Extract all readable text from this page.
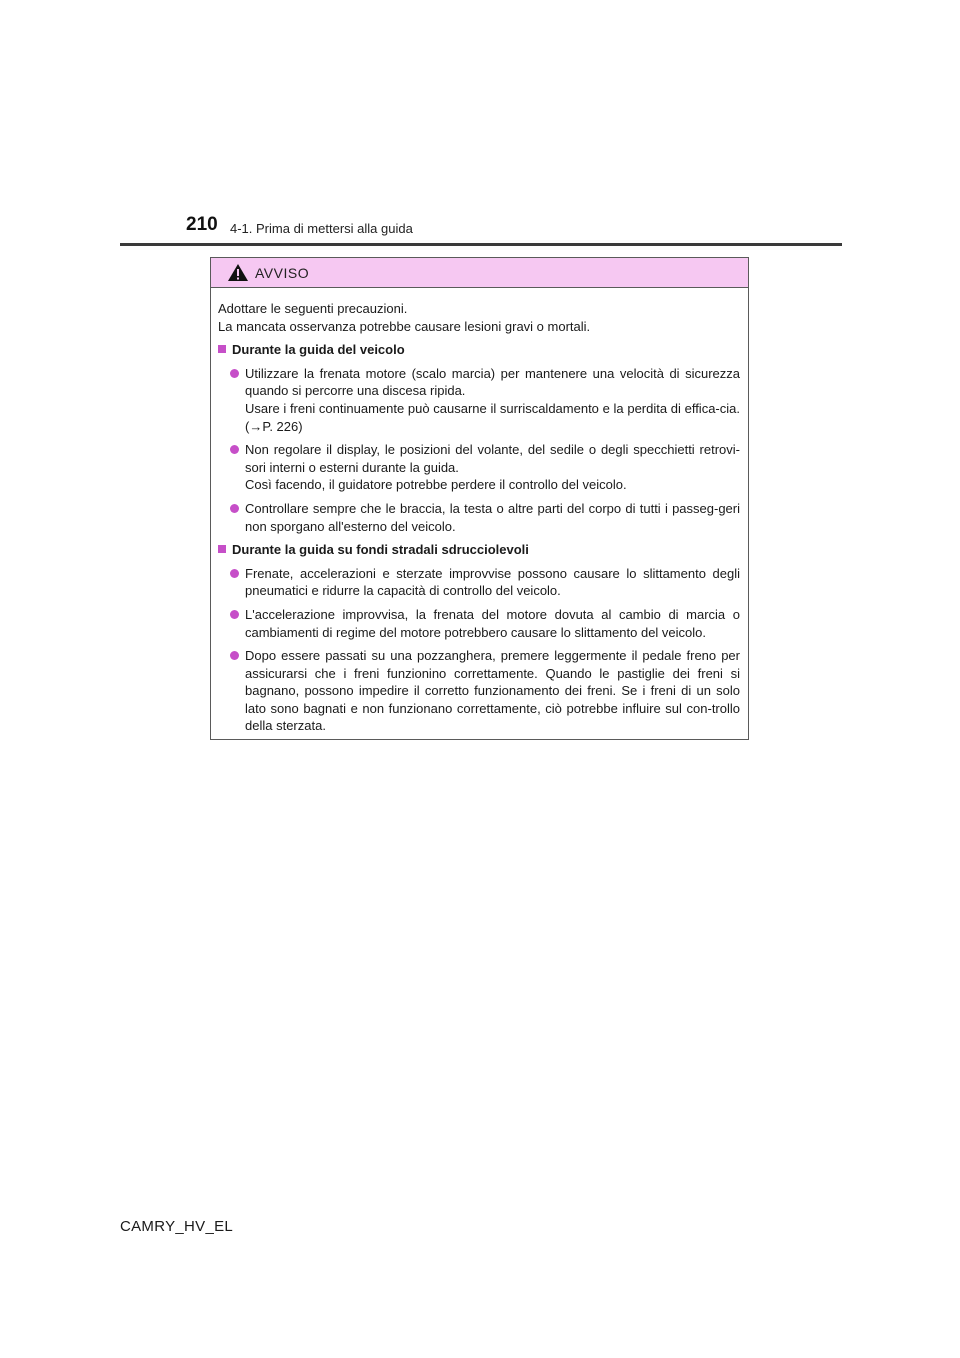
210 4-1. Prima di mettersi alla guida
AVVISO

Adottare le seguenti precauzioni.

La mancata osservanza potrebbe causare lesioni gravi o mortali.

Durante la guida del veicolo
Utilizzare la frenata motore (scalo marcia) per mantenere una velocità di sicurezza quando si percorre una discesa ripida.
Usare i freni continuamente può causarne il surriscaldamento e la perdita di effica-cia. (→P. 226)
Non regolare il display, le posizioni del volante, del sedile o degli specchietti retrovi-sori interni o esterni durante la guida.
Così facendo, il guidatore potrebbe perdere il controllo del veicolo.
Controllare sempre che le braccia, la testa o altre parti del corpo di tutti i passeg-geri non sporgano all'esterno del veicolo.
Durante la guida su fondi stradali sdrucciolevoli
Frenate, accelerazioni e sterzate improvvise possono causare lo slittamento degli pneumatici e ridurre la capacità di controllo del veicolo.
L'accelerazione improvvisa, la frenata del motore dovuta al cambio di marcia o cambiamenti di regime del motore potrebbero causare lo slittamento del veicolo.
Dopo essere passati su una pozzanghera, premere leggermente il pedale freno per assicurarsi che i freni funzionino correttamente. Quando le pastiglie dei freni si bagnano, possono impedire il corretto funzionamento dei freni. Se i freni di un solo lato sono bagnati e non funzionano correttamente, ciò potrebbe influire sul con-trollo della sterzata.
CAMRY_HV_EL
